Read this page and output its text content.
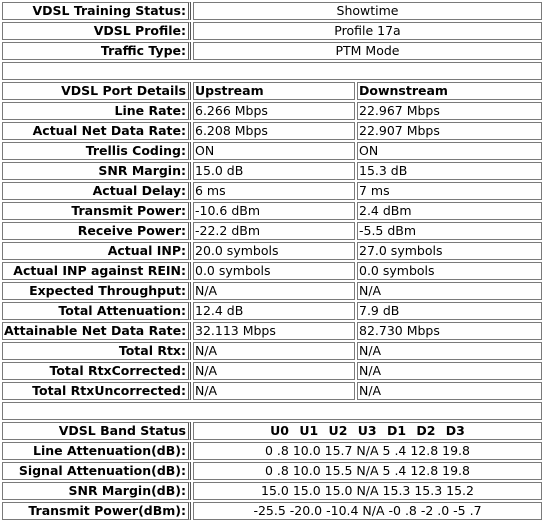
VDSL Training Status:	Showtime	
VDSL Profile:	Profile 17a	
Traffic Type:	PTM Mode	

VDSL Port Details	Upstream	Downstream
Line Rate:	6.266 Mbps	22.967 Mbps
Actual Net Data Rate:	6.208 Mbps	22.907 Mbps
Trellis Coding:	ON	ON
SNR Margin:	15.0 dB	15.3 dB
Actual Delay:	6 ms	7 ms
Transmit Power:	-10.6 dBm	2.4 dBm
Receive Power:	-22.2 dBm	-5.5 dBm
Actual INP:	20.0 symbols	27.0 symbols
Actual INP against REIN:	0.0 symbols	0.0 symbols
Expected Throughput:	N/A	N/A
Total Attenuation:	12.4 dB	7.9 dB
Attainable Net Data Rate:	32.113 Mbps	82.730 Mbps
Total Rtx:	N/A	N/A
Total RtxCorrected:	N/A	N/A
Total RtxUncorrected:	N/A	N/A

VDSL Band Status	U0 U1 U2 U3 D1 D2 D3	
Line Attenuation(dB):	0 .8 10.0 15.7 N/A 5 .4 12.8 19.8	
Signal Attenuation(dB):	0 .8 10.0 15.5 N/A 5 .4 12.8 19.8	
SNR Margin(dB):	15.0 15.0 15.0 N/A 15.3 15.3 15.2	
Transmit Power(dBm):	-25.5 -20.0 -10.4 N/A -0 .8 -2 .0 -5 .7	
